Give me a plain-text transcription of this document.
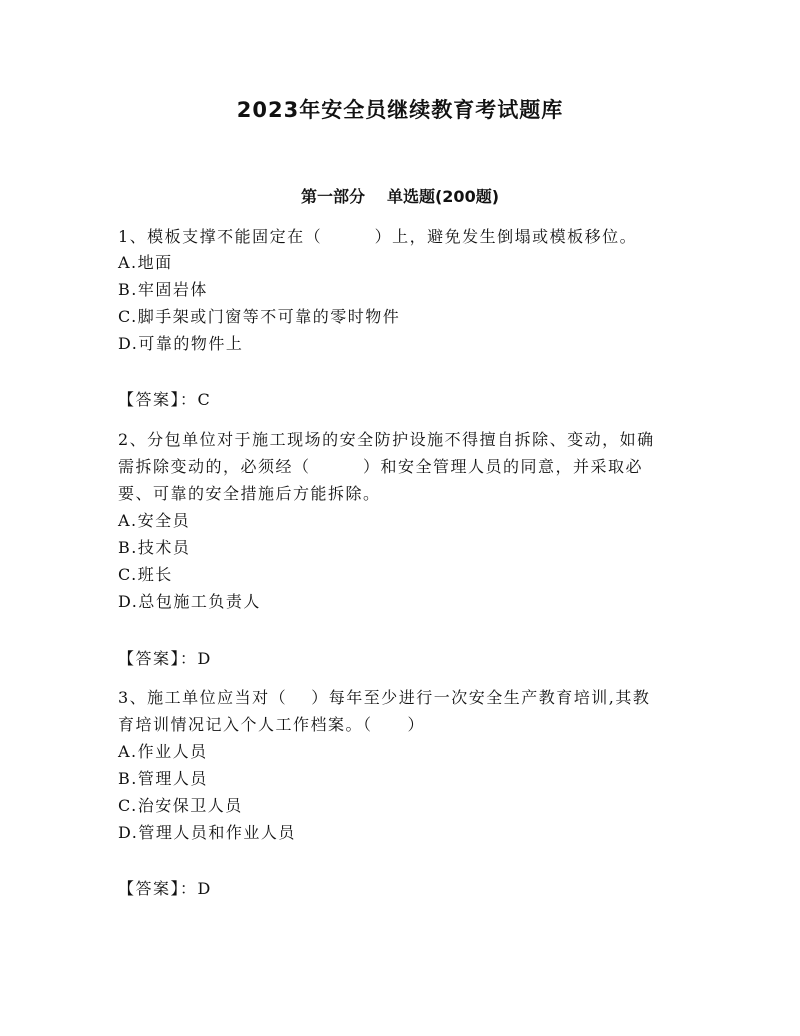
2023年安全员继续教育考试题库
第一部分 单选题(200题)
1、模板支撑不能固定在（　　　）上，避免发生倒塌或模板移位。
A.地面
B.牢固岩体
C.脚手架或门窗等不可靠的零时物件
D.可靠的物件上
【答案】：C
2、分包单位对于施工现场的安全防护设施不得擅自拆除、变动，如确
需拆除变动的，必须经（　　　）和安全管理人员的同意，并采取必
要、可靠的安全措施后方能拆除。
A.安全员
B.技术员
C.班长
D.总包施工负责人
【答案】：D
3、施工单位应当对（　 ）每年至少进行一次安全生产教育培训,其教
育培训情况记入个人工作档案。（　　）
A.作业人员
B.管理人员
C.治安保卫人员
D.管理人员和作业人员
【答案】：D
